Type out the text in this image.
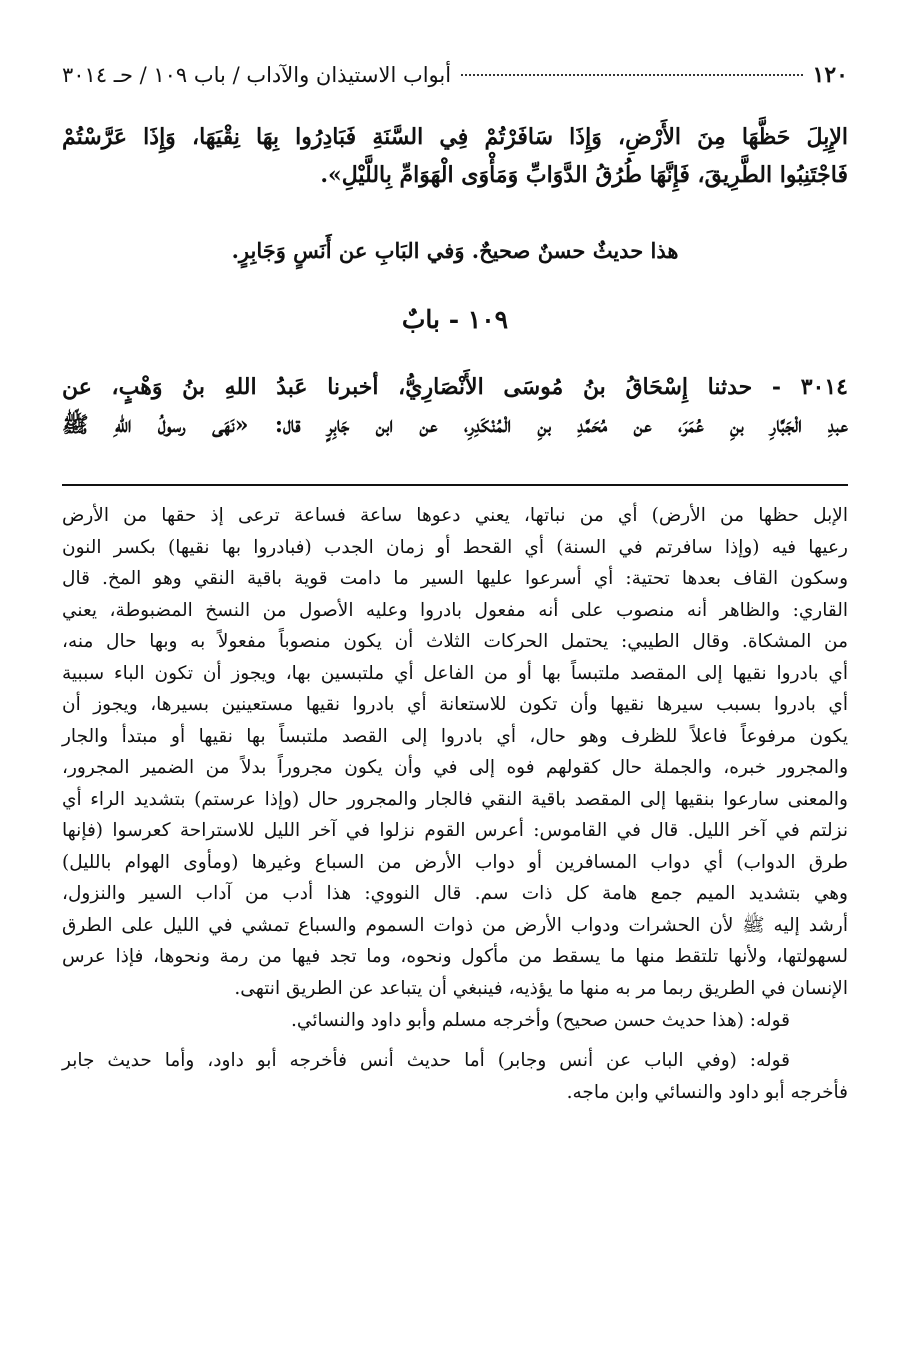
١٢٠
أبواب الاستيذان والآداب / باب ١٠٩ / حـ ٣٠١٤

الإِبِلَ حَظَّهَا مِنَ الأَرْضِ، وَإِذَا سَافَرْتُمْ فِي السَّنَةِ فَبَادِرُوا بِهَا نِقْيَهَا، وَإِذَا عَرَّسْتُمْ

فَاجْتَنِبُوا الطَّرِيقَ، فَإِنَّهَا طُرُقُ الدَّوَابِّ وَمَأْوَى الْهَوَامِّ بِاللَّيْلِ».

هذا حديثٌ حسنٌ صحيحٌ. وَفي البَابِ عن أَنَسٍ وَجَابِرٍ.
١٠٩ - بابٌ

٣٠١٤ - حدثنا إِسْحَاقُ بنُ مُوسَى الأَنْصَارِيُّ، أخبرنا عَبدُ اللهِ بنُ وَهْبٍ، عن

عبدِ الْجَبَّارِ بنِ عُمَرَ، عن مُحَمَّدِ بنِ الْمُنْكَدِرِ، عن ابن جَابِرٍ قال: «نَهَى رسولُ اللهِ ﷺ

الإبل حظها من الأرض) أي من نباتها، يعني دعوها ساعة فساعة ترعى إذ حقها من الأرض

رعيها فيه (وإذا سافرتم في السنة) أي القحط أو زمان الجدب (فبادروا بها نقيها) بكسر النون

وسكون القاف بعدها تحتية: أي أسرعوا عليها السير ما دامت قوية باقية النقي وهو المخ. قال

القاري: والظاهر أنه منصوب على أنه مفعول بادروا وعليه الأصول من النسخ المضبوطة، يعني

من المشكاة. وقال الطيبي: يحتمل الحركات الثلاث أن يكون منصوباً مفعولاً به وبها حال منه،

أي بادروا نقيها إلى المقصد ملتبساً بها أو من الفاعل أي ملتبسين بها، ويجوز أن تكون الباء سببية

أي بادروا بسبب سيرها نقيها وأن تكون للاستعانة أي بادروا نقيها مستعينين بسيرها، ويجوز أن

يكون مرفوعاً فاعلاً للظرف وهو حال، أي بادروا إلى القصد ملتبساً بها نقيها أو مبتدأ والجار

والمجرور خبره، والجملة حال كقولهم فوه إلى في وأن يكون مجروراً بدلاً من الضمير المجرور،

والمعنى سارعوا بنقيها إلى المقصد باقية النقي فالجار والمجرور حال (وإذا عرستم) بتشديد الراء أي

نزلتم في آخر الليل. قال في القاموس: أعرس القوم نزلوا في آخر الليل للاستراحة كعرسوا (فإنها

طرق الدواب) أي دواب المسافرين أو دواب الأرض من السباع وغيرها (ومأوى الهوام بالليل)

وهي بتشديد الميم جمع هامة كل ذات سم. قال النووي: هذا أدب من آداب السير والنزول،

أرشد إليه ﷺ لأن الحشرات ودواب الأرض من ذوات السموم والسباع تمشي في الليل على الطرق

لسهولتها، ولأنها تلتقط منها ما يسقط من مأكول ونحوه، وما تجد فيها من رمة ونحوها، فإذا عرس

الإنسان في الطريق ربما مر به منها ما يؤذيه، فينبغي أن يتباعد عن الطريق انتهى.

قوله: (هذا حديث حسن صحيح) وأخرجه مسلم وأبو داود والنسائي.

قوله: (وفي الباب عن أنس وجابر) أما حديث أنس فأخرجه أبو داود، وأما حديث جابر

فأخرجه أبو داود والنسائي وابن ماجه.
